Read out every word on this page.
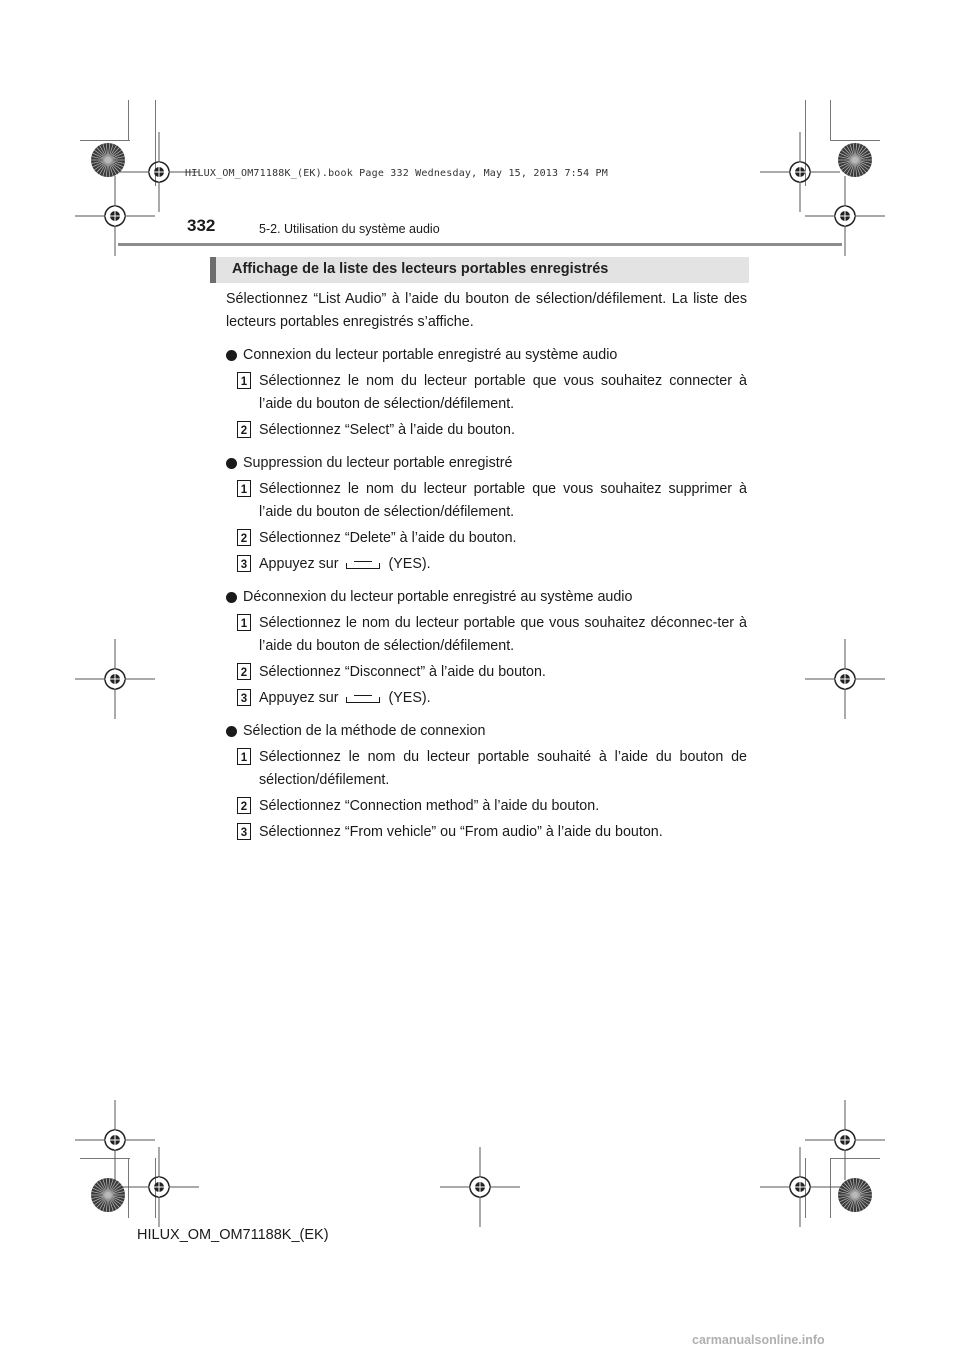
HILUX_OM_OM71188K_(EK).book Page 332 Wednesday, May 15, 2013 7:54 PM
332	5-2. Utilisation du système audio
Affichage de la liste des lecteurs portables enregistrés

Sélectionnez “List Audio” à l’aide du bouton de sélection/défilement. La liste des lecteurs portables enregistrés s’affiche.

Connexion du lecteur portable enregistré au système audio
1 Sélectionnez le nom du lecteur portable que vous souhaitez connecter à l’aide du bouton de sélection/défilement.
2 Sélectionnez “Select” à l’aide du bouton.
Suppression du lecteur portable enregistré
1 Sélectionnez le nom du lecteur portable que vous souhaitez supprimer à l’aide du bouton de sélection/défilement.
2 Sélectionnez “Delete” à l’aide du bouton.
3 Appuyez sur	(YES).
Déconnexion du lecteur portable enregistré au système audio
1 Sélectionnez le nom du lecteur portable que vous souhaitez déconnec-ter à l’aide du bouton de sélection/défilement.
2 Sélectionnez “Disconnect” à l’aide du bouton.
3 Appuyez sur	(YES).
Sélection de la méthode de connexion
1 Sélectionnez le nom du lecteur portable souhaité à l’aide du bouton de sélection/défilement.
2 Sélectionnez “Connection method” à l’aide du bouton.
3 Sélectionnez “From vehicle” ou “From audio” à l’aide du bouton.
HILUX_OM_OM71188K_(EK)
carmanualsonline.info
